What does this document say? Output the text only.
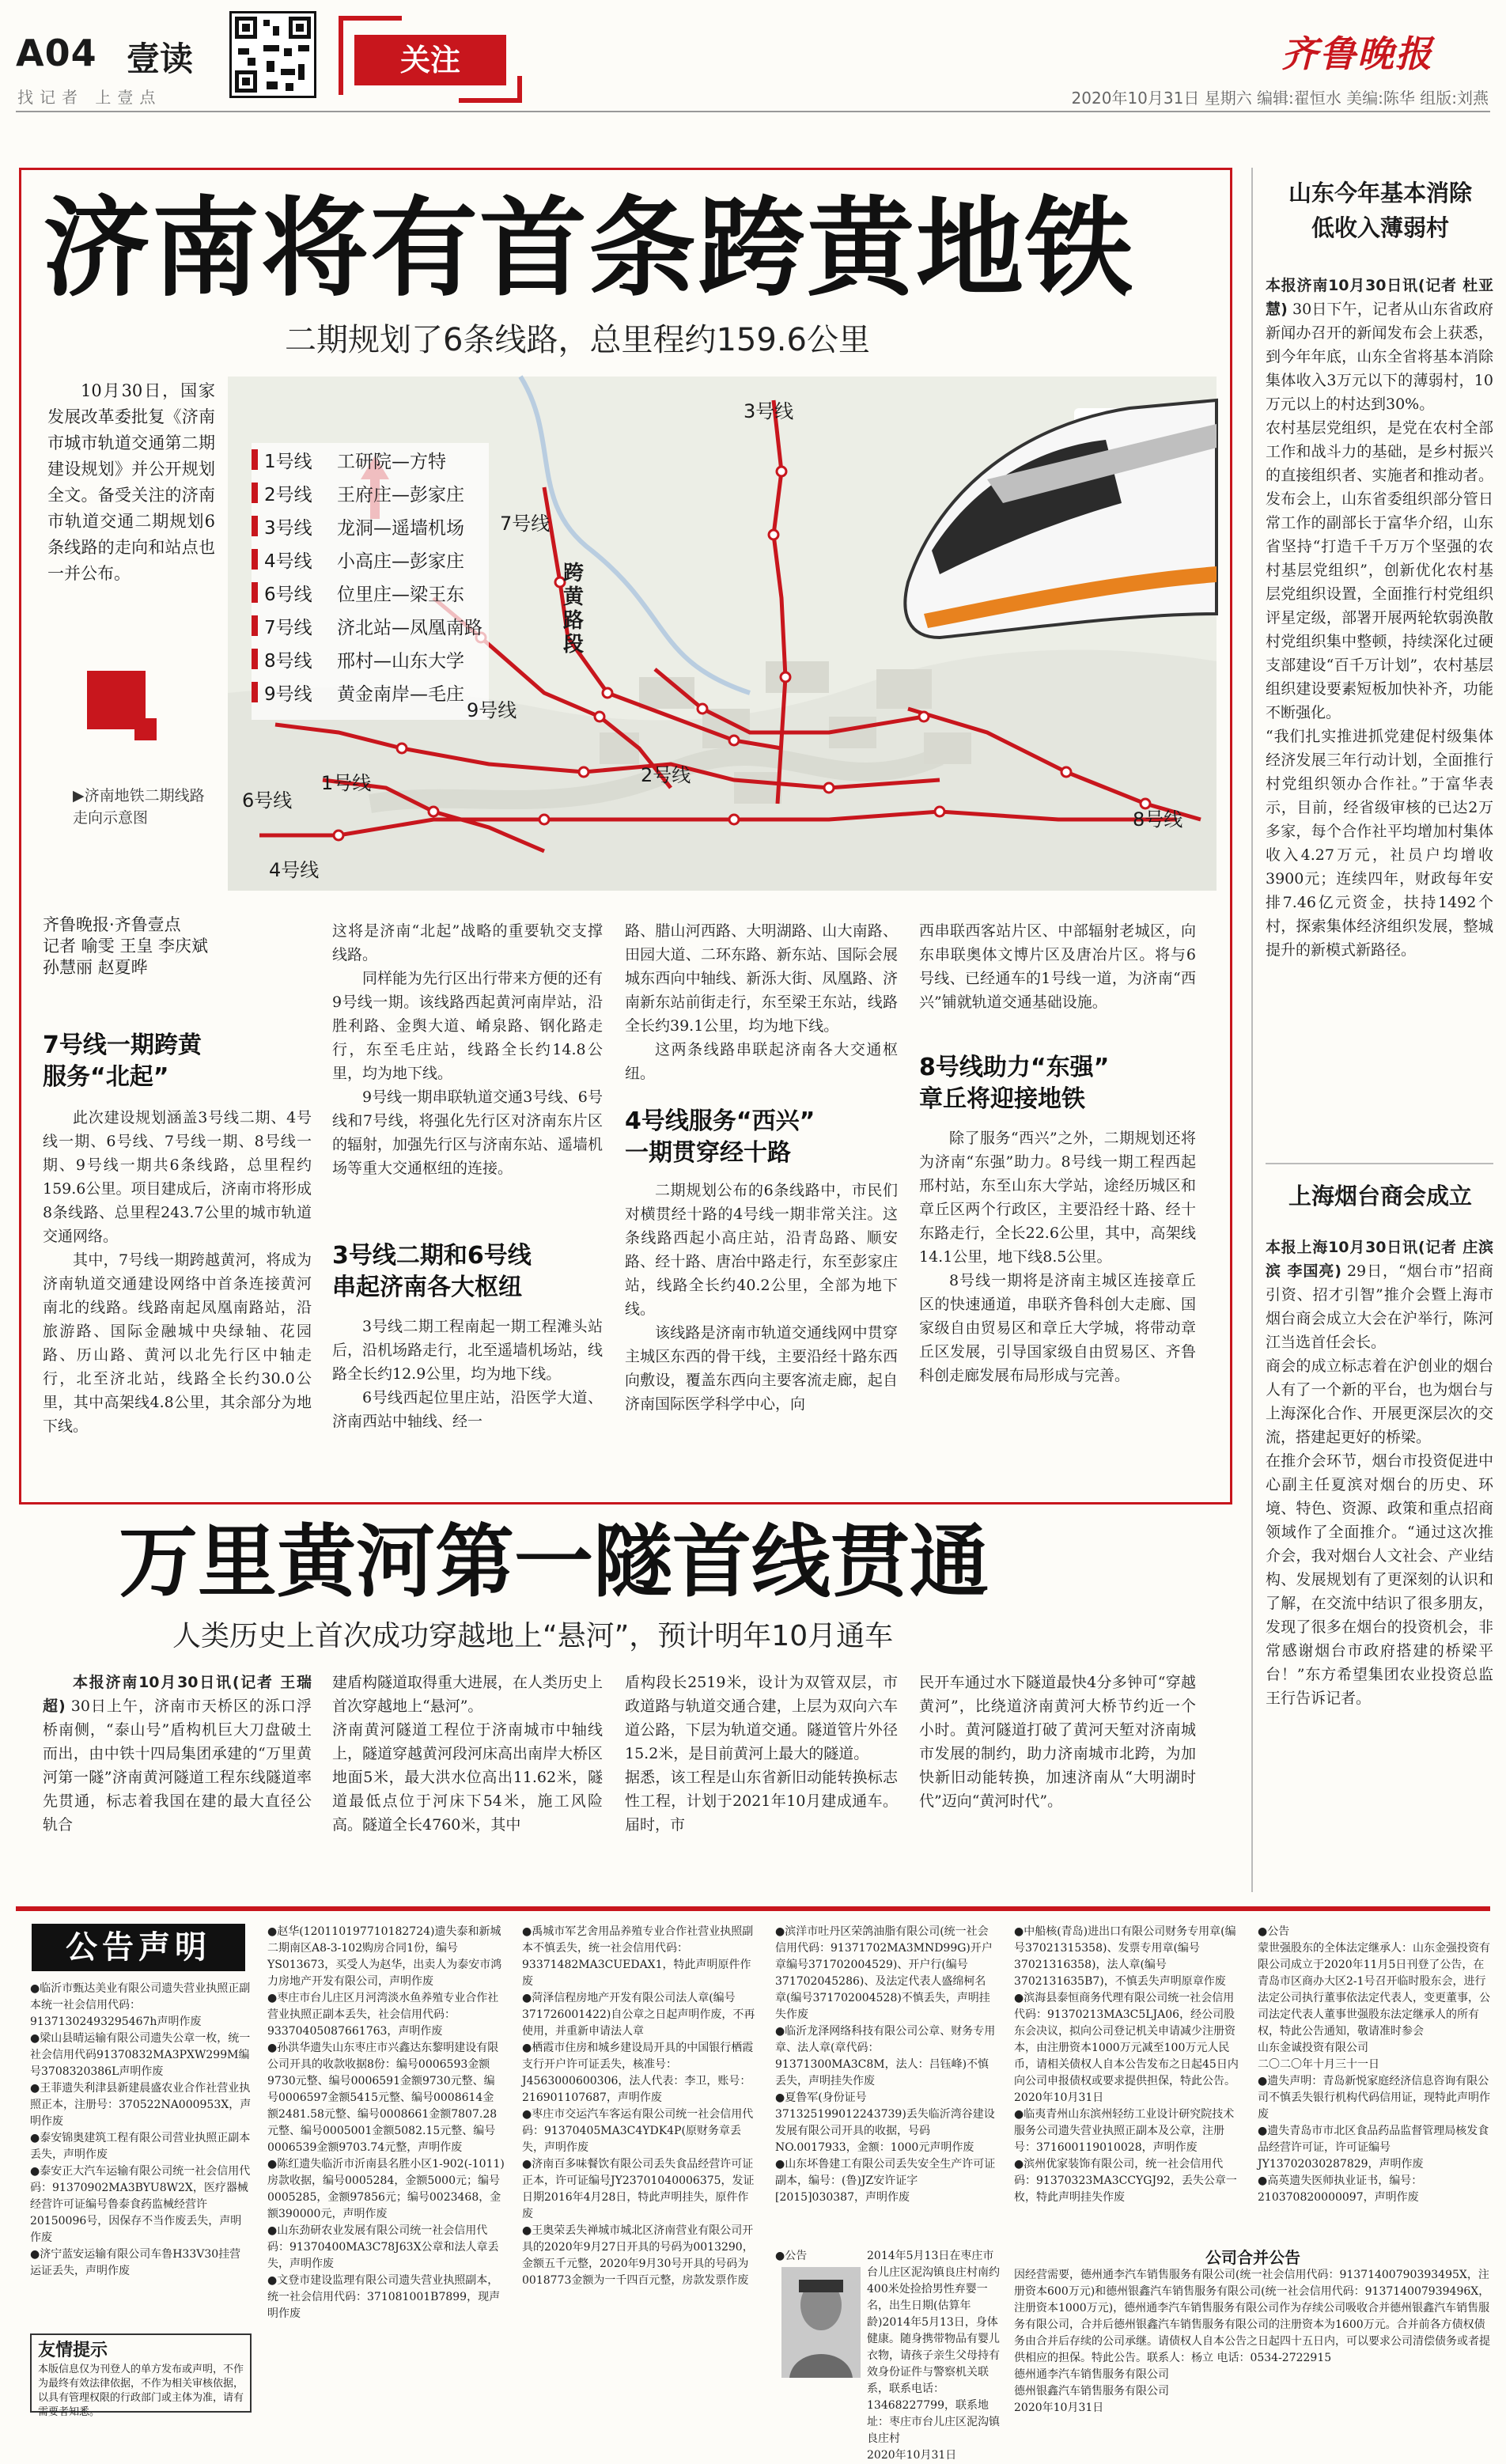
A04 壹读
找记者 上壹点
关注	齐鲁晚报
2020年10月31日 星期六 编辑:翟恒水 美编:陈华 组版:刘燕
济南将有首条跨黄地铁
二期规划了6条线路，总里程约159.6公里

10月30日，国家发展改革委批复《济南市城市轨道交通第二期建设规划》并公开规划全文。备受关注的济南市轨道交通二期规划6条线路的走向和站点也一并公布。

▶济南地铁二期线路走向示意图
1号线	工研院—方特
2号线	王府庄—彭家庄
3号线	龙洞—遥墙机场
4号线	小高庄—彭家庄
6号线	位里庄—梁王东
7号线	济北站—凤凰南路
8号线	邢村—山东大学
9号线	黄金南岸—毛庄
3号线
7号线
9号线
1号线	2号线
6号线
4号线
8号线
跨黄路段
齐鲁晚报·齐鲁壹点
记者 喻雯 王皇 李庆斌
孙慧丽 赵夏晔
7号线一期跨黄
服务“北起”

此次建设规划涵盖3号线二期、4号线一期、6号线、7号线一期、8号线一期、9号线一期共6条线路，总里程约159.6公里。项目建成后，济南市将形成8条线路、总里程243.7公里的城市轨道交通网络。

其中，7号线一期跨越黄河，将成为济南轨道交通建设网络中首条连接黄河南北的线路。线路南起凤凰南路站，沿旅游路、国际金融城中央绿轴、花园路、历山路、黄河以北先行区中轴走行，北至济北站，线路全长约30.0公里，其中高架线4.8公里，其余部分为地下线。

这将是济南“北起”战略的重要轨交支撑线路。

同样能为先行区出行带来方便的还有9号线一期。该线路西起黄河南岸站，沿胜利路、金舆大道、崤泉路、钢化路走行，东至毛庄站，线路全长约14.8公里，均为地下线。

9号线一期串联轨道交通3号线、6号线和7号线，将强化先行区对济南东片区的辐射，加强先行区与济南东站、遥墙机场等重大交通枢纽的连接。

3号线二期和6号线
串起济南各大枢纽

3号线二期工程南起一期工程滩头站后，沿机场路走行，北至遥墙机场站，线路全长约12.9公里，均为地下线。

6号线西起位里庄站，沿医学大道、济南西站中轴线、经一

路、腊山河西路、大明湖路、山大南路、田园大道、二环东路、新东站、国际会展城东西向中轴线、新泺大街、凤凰路、济南新东站前街走行，东至梁王东站，线路全长约39.1公里，均为地下线。

这两条线路串联起济南各大交通枢纽。

4号线服务“西兴”
一期贯穿经十路

二期规划公布的6条线路中，市民们对横贯经十路的4号线一期非常关注。这条线路西起小高庄站，沿青岛路、顺安路、经十路、唐冶中路走行，东至彭家庄站，线路全长约40.2公里，全部为地下线。

该线路是济南市轨道交通线网中贯穿主城区东西的骨干线，主要沿经十路东西向敷设，覆盖东西向主要客流走廊，起自济南国际医学科学中心，向

西串联西客站片区、中部辐射老城区，向东串联奥体文博片区及唐冶片区。将与6号线、已经通车的1号线一道，为济南“西兴”铺就轨道交通基础设施。

8号线助力“东强”
章丘将迎接地铁

除了服务“西兴”之外，二期规划还将为济南“东强”助力。8号线一期工程西起邢村站，东至山东大学站，途经历城区和章丘区两个行政区，主要沿经十路、经十东路走行，全长22.6公里，其中，高架线14.1公里，地下线8.5公里。

8号线一期将是济南主城区连接章丘区的快速通道，串联齐鲁科创大走廊、国家级自由贸易区和章丘大学城，将带动章丘区发展，引导国家级自由贸易区、齐鲁科创走廊发展布局形成与完善。

万里黄河第一隧首线贯通
人类历史上首次成功穿越地上“悬河”，预计明年10月通车

本报济南10月30日讯(记者 王瑞超) 30日上午，济南市天桥区的泺口浮桥南侧，“泰山号”盾构机巨大刀盘破土而出，由中铁十四局集团承建的“万里黄河第一隧”济南黄河隧道工程东线隧道率先贯通，标志着我国在建的最大直径公轨合

建盾构隧道取得重大进展，在人类历史上首次穿越地上“悬河”。
济南黄河隧道工程位于济南城市中轴线上，隧道穿越黄河段河床高出南岸大桥区地面5米，最大洪水位高出11.62米，隧道最低点位于河床下54米，施工风险高。隧道全长4760米，其中
盾构段长2519米，设计为双管双层，市政道路与轨道交通合建，上层为双向六车道公路，下层为轨道交通。隧道管片外径15.2米，是目前黄河上最大的隧道。
据悉，该工程是山东省新旧动能转换标志性工程，计划于2021年10月建成通车。届时，市
民开车通过水下隧道最快4分多钟可“穿越黄河”，比绕道济南黄河大桥节约近一个小时。黄河隧道打破了黄河天堑对济南城市发展的制约，助力济南城市北跨，为加快新旧动能转换，加速济南从“大明湖时代”迈向“黄河时代”。
山东今年基本消除
低收入薄弱村
本报济南10月30日讯(记者 杜亚慧) 30日下午，记者从山东省政府新闻办召开的新闻发布会上获悉，到今年年底，山东全省将基本消除集体收入3万元以下的薄弱村，10万元以上的村达到30%。
农村基层党组织，是党在农村全部工作和战斗力的基础，是乡村振兴的直接组织者、实施者和推动者。发布会上，山东省委组织部分管日常工作的副部长于富华介绍，山东省坚持“打造千千万万个坚强的农村基层党组织”，创新优化农村基层党组织设置，全面推行村党组织评星定级，部署开展两轮软弱涣散村党组织集中整顿，持续深化过硬支部建设“百千万计划”，农村基层组织建设要素短板加快补齐，功能不断强化。
“我们扎实推进抓党建促村级集体经济发展三年行动计划，全面推行村党组织领办合作社。”于富华表示，目前，经省级审核的已达2万多家，每个合作社平均增加村集体收入4.27万元，社员户均增收3900元；连续四年，财政每年安排7.46亿元资金，扶持1492个村，探索集体经济组织发展，整城提升的新模式新路径。
上海烟台商会成立
本报上海10月30日讯(记者 庄滨滨 李国亮) 29日，“烟台市”招商引资、招才引智”推介会暨上海市烟台商会成立大会在沪举行，陈河江当选首任会长。
商会的成立标志着在沪创业的烟台人有了一个新的平台，也为烟台与上海深化合作、开展更深层次的交流，搭建起更好的桥梁。
在推介会环节，烟台市投资促进中心副主任夏滨对烟台的历史、环境、特色、资源、政策和重点招商领域作了全面推介。“通过这次推介会，我对烟台人文社会、产业结构、发展规划有了更深刻的认识和了解，在交流中结识了很多朋友，发现了很多在烟台的投资机会，非常感谢烟台市政府搭建的桥梁平台！”东方希望集团农业投资总监王行告诉记者。
公告声明
●临沂市甄达美业有限公司遗失营业执照正副本统一社会信用代码：91371302493295467h声明作废
●梁山县晴运输有限公司遗失公章一枚，统一社会信用代码91370832MA3PXW299M编号3708320386L声明作废
●王菲遗失利津县新建晨盛农业合作社营业执照正本，注册号：370522NA000953X，声明作废
●泰安锦奥建筑工程有限公司营业执照正副本丢失，声明作废
●泰安正大汽车运输有限公司统一社会信用代码：91370902MA3BYU8W2X，医疗器械经营许可证编号鲁泰食药监械经营许20150096号，因保存不当作废丢失，声明作废
●济宁蓝安运输有限公司车鲁H33V30挂营运证丢失，声明作废
友情提示
本版信息仅为刊登人的单方发布或声明，不作为最终有效法律依据，不作为相关审核依据，以具有管理权限的行政部门或主体为准，请有需要者知悉。
●赵华(120110197710182724)遗失泰和新城二期南区A8-3-102购房合同1份，编号YS013673，买受人为赵华，出卖人为泰安市鸿力房地产开发有限公司，声明作废
●枣庄市台儿庄区月河湾淡水鱼养殖专业合作社营业执照正副本丢失，社会信用代码：93370405087661763，声明作废
●孙洪华遗失山东枣庄市兴鑫达东黎明建设有限公司开具的收款收据8份：编号0006593金额9730元整、编号0006591金额9730元整、编号0006597金额5415元整、编号0008614金额2481.58元整、编号0008661金额7807.28元整、编号0005001金额5082.15元整、编号0006539金额9703.74元整，声明作废
●陈红遗失临沂市沂南县名胜小区1-902(-1011)房款收据，编号0005284，金额5000元；编号0005285，金额97856元；编号0023468，金额390000元，声明作废
●山东劲研农业发展有限公司统一社会信用代码：91370400MA3C78J63X公章和法人章丢失，声明作废
●文登市建设监理有限公司遗失营业执照副本，统一社会信用代码：371081001B7899，现声明作废
●禹城市军艺舍用品养殖专业合作社营业执照副本不慎丢失，统一社会信用代码：93371482MA3CUEDAX1，特此声明原件作废
●菏泽信程房地产开发有限公司法人章(编号371726001422)自公章之日起声明作废，不再使用，并重新申请法人章
●栖霞市住房和城乡建设局开具的中国银行栖霞支行开户许可证丢失，核准号：J4563000600306，法人代表：李卫，账号：216901107687，声明作废
●枣庄市交运汽车客运有限公司统一社会信用代码：91370405MA3C4YDK4P(原财务章丢失，声明作废
●济南百多味餐饮有限公司丢失食品经营许可证正本，许可证编号JY23701040006375，发证日期2016年4月28日，特此声明挂失，原件作废
●王奥荣丢失禅城市城北区济南营业有限公司开具的2020年9月27日开具的号码为0013290，金额五千元整，2020年9月30号开具的号码为0018773金额为一千四百元整，房款发票作废
●滨洋市吐丹区荣鸽油脂有限公司(统一社会信用代码：91371702MA3MND99G)开户章编号371702004529)、开户行(编号371702045286)、及法定代表人盛绵柯名章(编号371702004528)不慎丢失，声明挂失作废
●临沂龙泽网络科技有限公司公章、财务专用章、法人章(章代码：91371300MA3C8M，法人：吕钰峰)不慎丢失，声明挂失作废
●夏鲁军(身份证号371325199012243739)丢失临沂湾谷建设发展有限公司开具的收据，号码NO.0017933，金额：1000元声明作废
●山东坏鲁建工有限公司丢失安全生产许可证副本，编号：(鲁)JZ安许证字[2015]030387，声明作废
●公告	2014年5月13日在枣庄市台儿庄区泥沟镇良庄村南约400米处捡拾男性弃婴一名，出生日期(估算年龄)2014年5月13日，身体健康。随身携带物品有婴儿衣物，请孩子亲生父母持有效身份证件与警察机关联系，联系电话：13468227799，联系地址：枣庄市台儿庄区泥沟镇良庄村
2020年10月31日
●中船核(青岛)进出口有限公司财务专用章(编号37021315358)、发票专用章(编号37021316358)，法人章(编号3702131635B7)，不慎丢失声明原章作废
●滨海县泰恒商务代理有限公司统一社会信用代码：91370213MA3C5LJA06，经公司股东会决议，拟向公司登记机关申请减少注册资本，由注册资本1000万元减至100万元人民币，请相关债权人自本公告发布之日起45日内向公司申报债权或要求提供担保，特此公告。2020年10月31日
●临夷青州山东滨州轻纺工业设计研究院技术服务公司遗失营业执照正副本及公章，注册号：371600119010028，声明作废
●滨州优家装饰有限公司，统一社会信用代码：91370323MA3CCYGJ92，丢失公章一枚，特此声明挂失作废
●公告
蒙世强股东的全体法定继承人：山东金强投资有限公司成立于2020年11月5日刊登了公告，在青岛市区商办大区2-1号召开临时股东会，进行法定公司执行董事依法定代表人，变更董事，公司法定代表人董事世强股东法定继承人的所有权，特此公告通知，敬请准时参会
山东金诚投资有限公司
二〇二〇年十月三十一日
●遗失声明：青岛新悦家庭经济信息咨询有限公司不慎丢失银行机构代码信用证，现特此声明作废
●遗失青岛市市北区食品药品监督管理局核发食品经营许可证，许可证编号JY13702030287829，声明作废
●高英遗失医师执业证书，编号：210370820000097，声明作废
公司合并公告
因经营需要，德州通李汽车销售服务有限公司(统一社会信用代码：91371400790393495X，注册资本600万元)和德州银鑫汽车销售服务有限公司(统一社会信用代码：913714007939496X，注册资本1000万元)，德州通李汽车销售服务有限公司作为存续公司吸收合并德州银鑫汽车销售服务有限公司，合并后德州银鑫汽车销售服务有限公司的注册资本为1600万元。合并前各方债权债务由合并后存续的公司承继。请债权人自本公告之日起四十五日内，可以要求公司清偿债务或者提供相应的担保。特此公告。联系人：杨立 电话：0534-2722915
德州通李汽车销售服务有限公司
德州银鑫汽车销售服务有限公司
2020年10月31日
